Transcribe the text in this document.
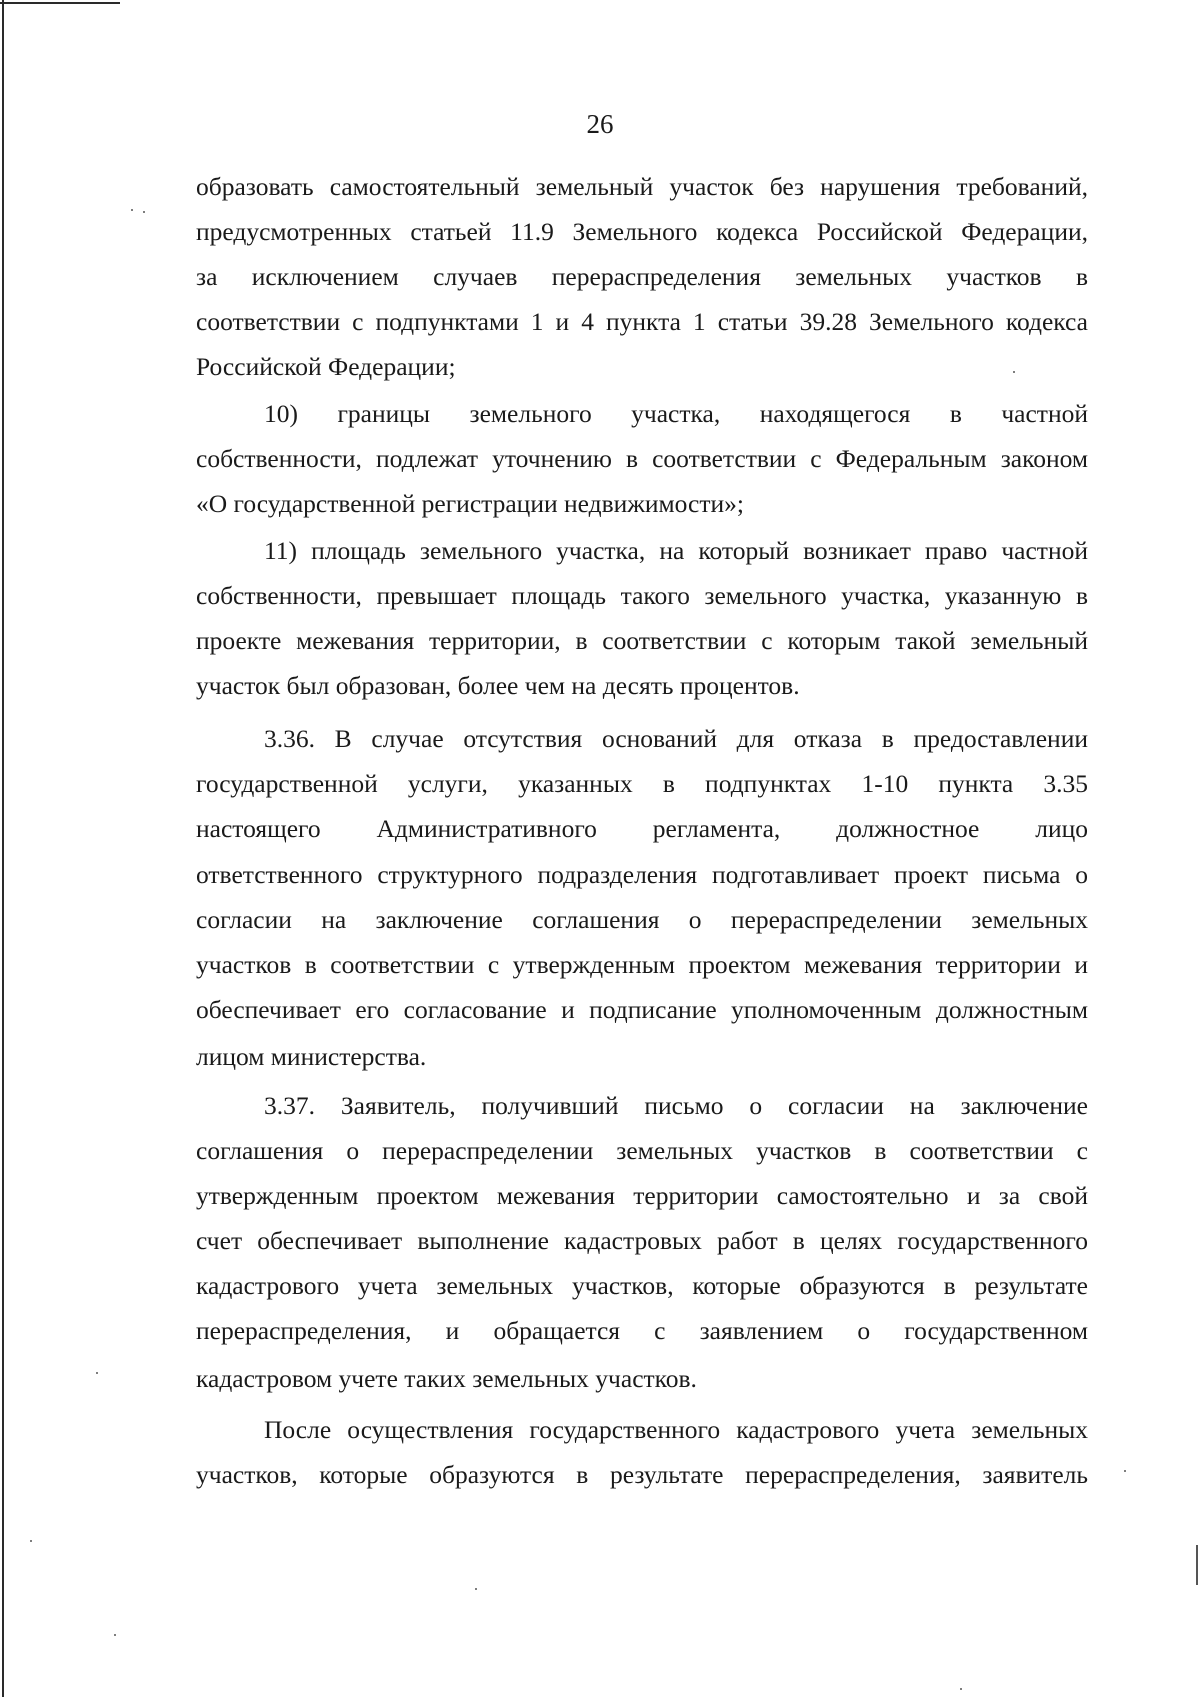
26
образовать самостоятельный земельный участок без нарушения требований,
предусмотренных статьей 11.9 Земельного кодекса Российской Федерации,
за исключением случаев перераспределения земельных участков в
соответствии с подпунктами 1 и 4 пункта 1 статьи 39.28 Земельного кодекса
Российской Федерации;
10) границы земельного участка, находящегося в частной
собственности, подлежат уточнению в соответствии с Федеральным законом
«О государственной регистрации недвижимости»;
11) площадь земельного участка, на который возникает право частной
собственности, превышает площадь такого земельного участка, указанную в
проекте межевания территории, в соответствии с которым такой земельный
участок был образован, более чем на десять процентов.
3.36. В случае отсутствия оснований для отказа в предоставлении
государственной услуги, указанных в подпунктах 1-10 пункта 3.35
настоящего Административного регламента, должностное лицо
ответственного структурного подразделения подготавливает проект письма о
согласии на заключение соглашения о перераспределении земельных
участков в соответствии с утвержденным проектом межевания территории и
обеспечивает его согласование и подписание уполномоченным должностным
лицом министерства.
3.37. Заявитель, получивший письмо о согласии на заключение
соглашения о перераспределении земельных участков в соответствии с
утвержденным проектом межевания территории самостоятельно и за свой
счет обеспечивает выполнение кадастровых работ в целях государственного
кадастрового учета земельных участков, которые образуются в результате
перераспределения, и обращается с заявлением о государственном
кадастровом учете таких земельных участков.
После осуществления государственного кадастрового учета земельных
участков, которые образуются в результате перераспределения, заявитель
